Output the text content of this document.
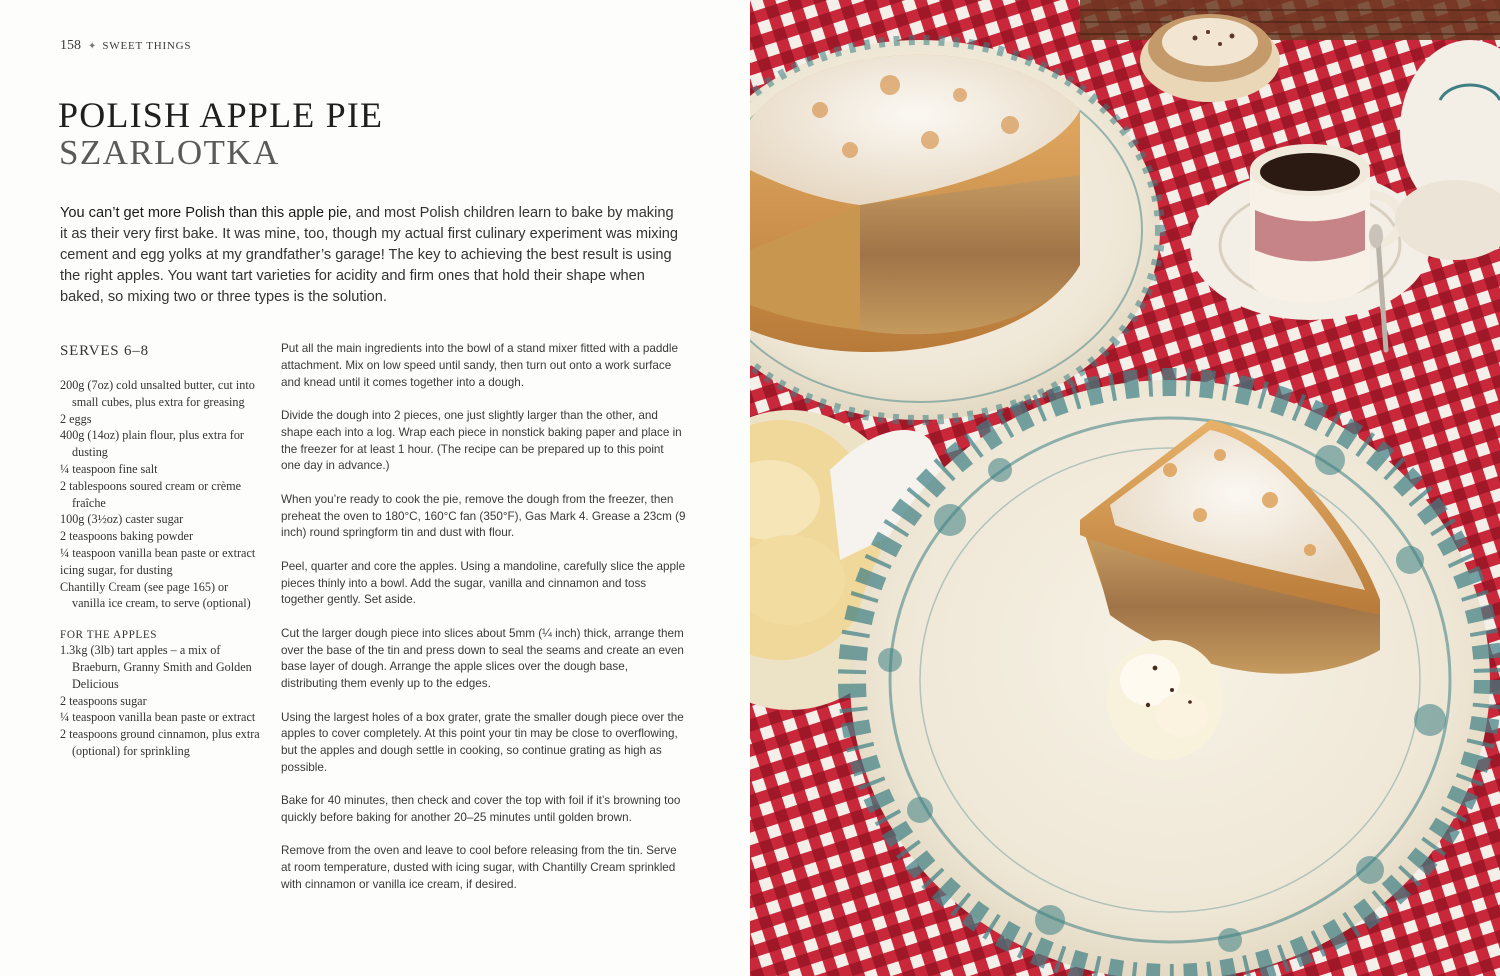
158 ✦ SWEET THINGS
POLISH APPLE PIE
SZARLOTKA

You can’t get more Polish than this apple pie, and most Polish children learn to bake by making it as their very first bake. It was mine, too, though my actual first culinary experiment was mixing cement and egg yolks at my grandfather’s garage! The key to achieving the best result is using the right apples. You want tart varieties for acidity and firm ones that hold their shape when baked, so mixing two or three types is the solution.

SERVES 6–8
200g (7oz) cold unsalted butter, cut into small cubes, plus extra for greasing
2 eggs
400g (14oz) plain flour, plus extra for dusting
¼ teaspoon fine salt
2 tablespoons soured cream or crème fraîche
100g (3½oz) caster sugar
2 teaspoons baking powder
¼ teaspoon vanilla bean paste or extract
icing sugar, for dusting
Chantilly Cream (see page 165) or vanilla ice cream, to serve (optional)
FOR THE APPLES
1.3kg (3lb) tart apples – a mix of Braeburn, Granny Smith and Golden Delicious
2 teaspoons sugar
¼ teaspoon vanilla bean paste or extract
2 teaspoons ground cinnamon, plus extra (optional) for sprinkling

Put all the main ingredients into the bowl of a stand mixer fitted with a paddle attachment. Mix on low speed until sandy, then turn out onto a work surface and knead until it comes together into a dough.

Divide the dough into 2 pieces, one just slightly larger than the other, and shape each into a log. Wrap each piece in nonstick baking paper and place in the freezer for at least 1 hour. (The recipe can be prepared up to this point one day in advance.)

When you’re ready to cook the pie, remove the dough from the freezer, then preheat the oven to 180°C, 160°C fan (350°F), Gas Mark 4. Grease a 23cm (9 inch) round springform tin and dust with flour.

Peel, quarter and core the apples. Using a mandoline, carefully slice the apple pieces thinly into a bowl. Add the sugar, vanilla and cinnamon and toss together gently. Set aside.

Cut the larger dough piece into slices about 5mm (¼ inch) thick, arrange them over the base of the tin and press down to seal the seams and create an even base layer of dough. Arrange the apple slices over the dough base, distributing them evenly up to the edges.

Using the largest holes of a box grater, grate the smaller dough piece over the apples to cover completely. At this point your tin may be close to overflowing, but the apples and dough settle in cooking, so continue grating as high as possible.

Bake for 40 minutes, then check and cover the top with foil if it’s browning too quickly before baking for another 20–25 minutes until golden brown.

Remove from the oven and leave to cool before releasing from the tin. Serve at room temperature, dusted with icing sugar, with Chantilly Cream sprinkled with cinnamon or vanilla ice cream, if desired.
